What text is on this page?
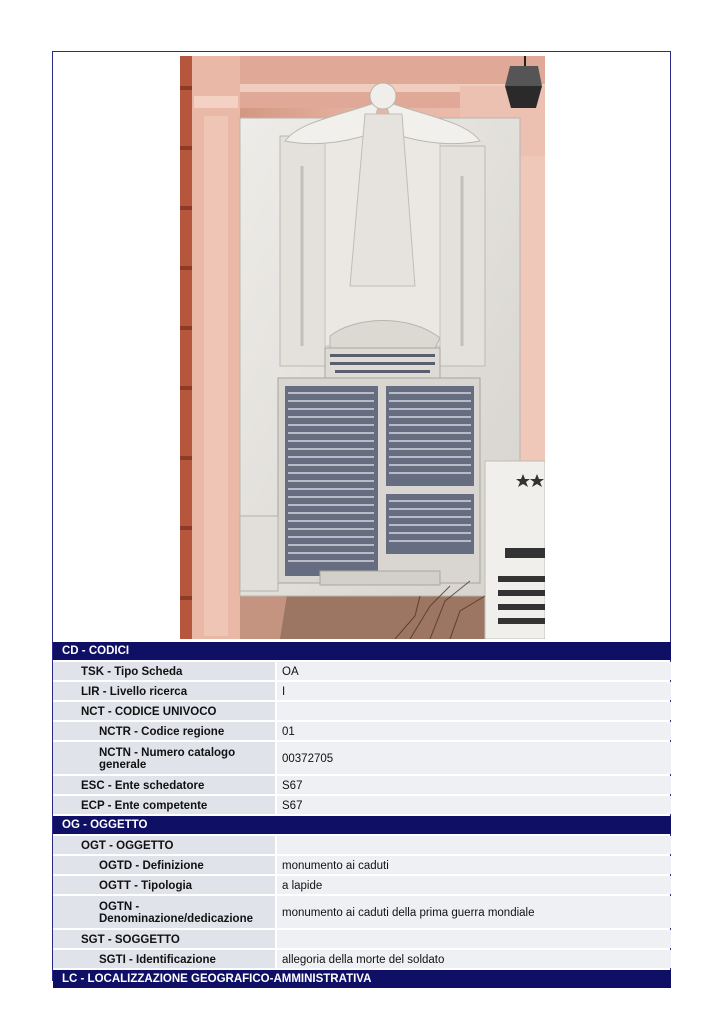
CD - CODICI
TSK - Tipo Scheda	OA
LIR - Livello ricerca	I
NCT - CODICE UNIVOCO
NCTR - Codice regione	01
NCTN - Numero catalogo generale	00372705
ESC - Ente schedatore	S67
ECP - Ente competente	S67
OG - OGGETTO
OGT - OGGETTO
OGTD - Definizione	monumento ai caduti
OGTT - Tipologia	a lapide
OGTN - Denominazione/dedicazione	monumento ai caduti della prima guerra mondiale
SGT - SOGGETTO
SGTI - Identificazione	allegoria della morte del soldato
LC - LOCALIZZAZIONE GEOGRAFICO-AMMINISTRATIVA
